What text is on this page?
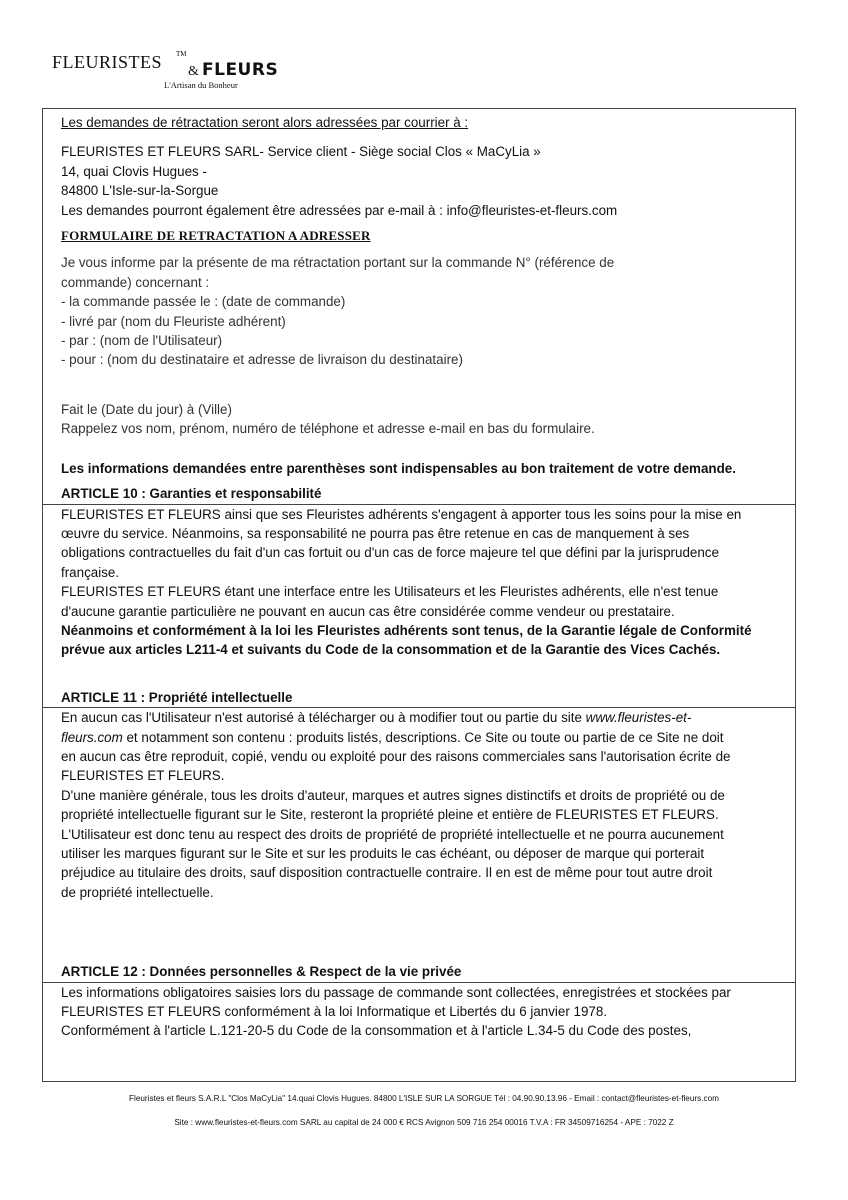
FLEURISTES TM
& FLEURS
L'Artisan du Bonheur
Les demandes de rétractation seront alors adressées par courrier à :
FLEURISTES ET FLEURS SARL- Service client - Siège social Clos « MaCyLia »
14, quai Clovis Hugues -
84800 L'Isle-sur-la-Sorgue
Les demandes pourront également être adressées par e-mail à : info@fleuristes-et-fleurs.com
FORMULAIRE DE RETRACTATION A ADRESSER
Je vous informe par la présente de ma rétractation portant sur la commande N° (référence de
commande) concernant :
- la commande passée le : (date de commande)
- livré par (nom du Fleuriste adhérent)
- par : (nom de l'Utilisateur)
- pour : (nom du destinataire et adresse de livraison du destinataire)
Fait le (Date du jour) à (Ville)
Rappelez vos nom, prénom, numéro de téléphone et adresse e-mail en bas du formulaire.
Les informations demandées entre parenthèses sont indispensables au bon traitement de votre demande.
ARTICLE 10 : Garanties et responsabilité
FLEURISTES ET FLEURS ainsi que ses Fleuristes adhérents s'engagent à apporter tous les soins pour la mise en
œuvre du service. Néanmoins, sa responsabilité ne pourra pas être retenue en cas de manquement à ses
obligations contractuelles du fait d'un cas fortuit ou d'un cas de force majeure tel que défini par la jurisprudence
française.
FLEURISTES ET FLEURS étant une interface entre les Utilisateurs et les Fleuristes adhérents, elle n'est tenue
d'aucune garantie particulière ne pouvant en aucun cas être considérée comme vendeur ou prestataire.
Néanmoins et conformément à la loi les Fleuristes adhérents sont tenus, de la Garantie légale de Conformité
prévue aux articles L211-4 et suivants du Code de la consommation et de la Garantie des Vices Cachés.
ARTICLE 11 : Propriété intellectuelle
En aucun cas l'Utilisateur n'est autorisé à télécharger ou à modifier tout ou partie du site www.fleuristes-et-
fleurs.com et notamment son contenu : produits listés, descriptions. Ce Site ou toute ou partie de ce Site ne doit
en aucun cas être reproduit, copié, vendu ou exploité pour des raisons commerciales sans l'autorisation écrite de
FLEURISTES ET FLEURS.
D'une manière générale, tous les droits d'auteur, marques et autres signes distinctifs et droits de propriété ou de
propriété intellectuelle figurant sur le Site, resteront la propriété pleine et entière de FLEURISTES ET FLEURS.
L'Utilisateur est donc tenu au respect des droits de propriété de propriété intellectuelle et ne pourra aucunement
utiliser les marques figurant sur le Site et sur les produits le cas échéant, ou déposer de marque qui porterait
préjudice au titulaire des droits, sauf disposition contractuelle contraire. Il en est de même pour tout autre droit
de propriété intellectuelle.
ARTICLE 12 : Données personnelles & Respect de la vie privée
Les informations obligatoires saisies lors du passage de commande sont collectées, enregistrées et stockées par
FLEURISTES ET FLEURS conformément à la loi Informatique et Libertés du 6 janvier 1978.
Conformément à l'article L.121-20-5 du Code de la consommation et à l'article L.34-5 du Code des postes,
Fleuristes et fleurs S.A.R.L "Clos MaCyLia" 14.quai Clovis Hugues. 84800 L'ISLE SUR LA SORGUE Tél : 04.90.90.13.96 - Email : contact@fleuristes-et-fleurs.com
Site : www.fleuristes-et-fleurs.com SARL au capital de 24 000 € RCS Avignon 509 716 254 00016 T.V.A : FR 34509716254 - APE : 7022 Z
